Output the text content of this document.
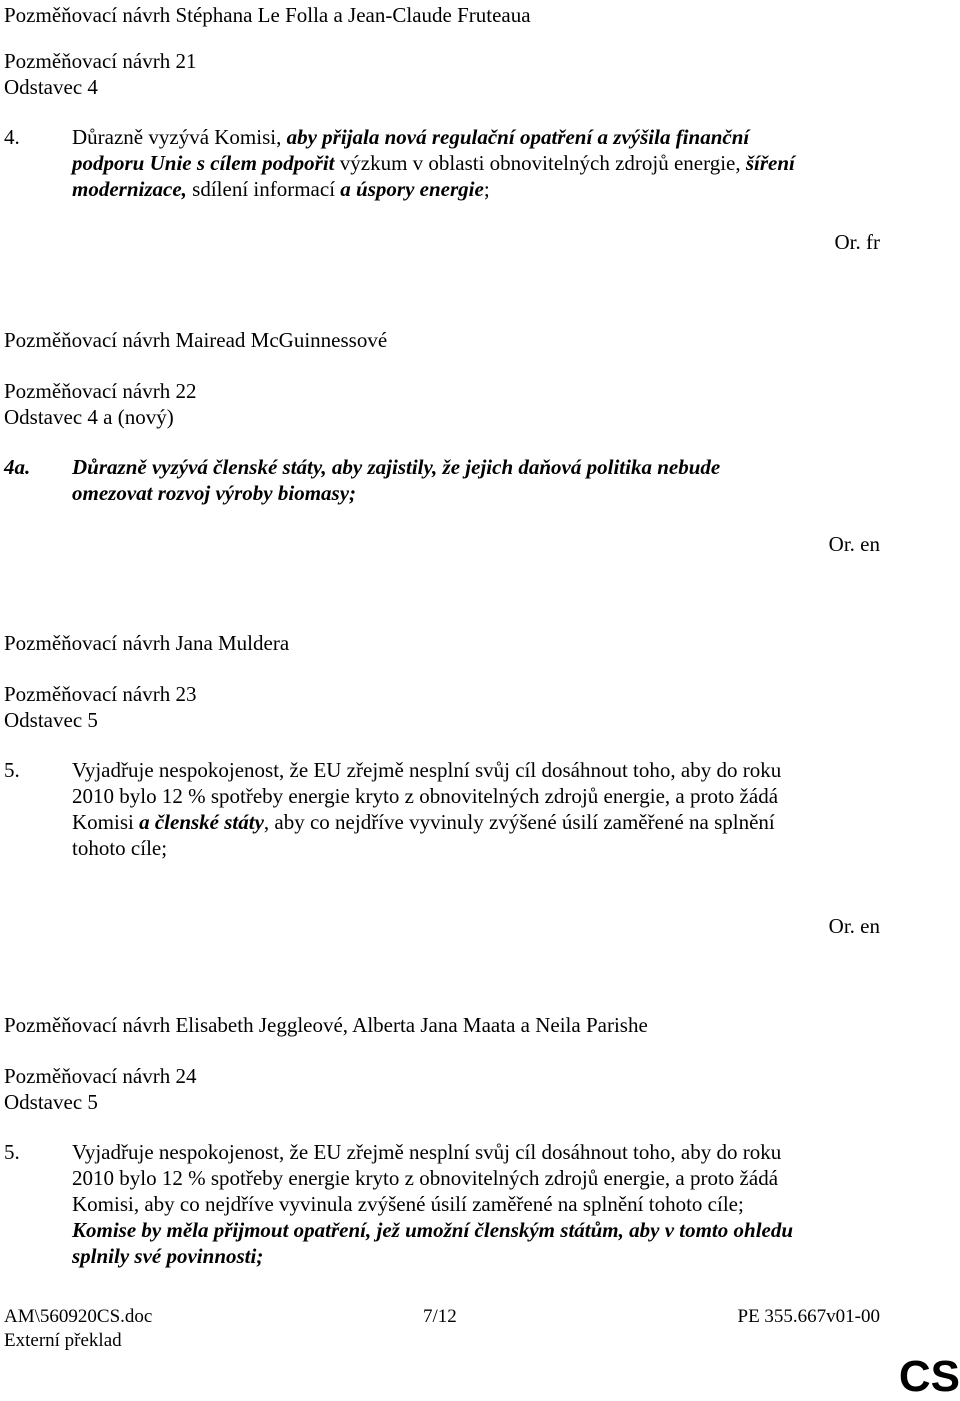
Pozměňovací návrh Stéphana Le Folla a Jean-Claude Fruteaua
Pozměňovací návrh 21
Odstavec 4
4. Důrazně vyzývá Komisi, aby přijala nová regulační opatření a zvýšila finanční
podporu Unie s cílem podpořit výzkum v oblasti obnovitelných zdrojů energie, šíření
modernizace, sdílení informací a úspory energie;
Or. fr
Pozměňovací návrh Mairead McGuinnessové
Pozměňovací návrh 22
Odstavec 4 a (nový)
4a. Důrazně vyzývá členské státy, aby zajistily, že jejich daňová politika nebude
omezovat rozvoj výroby biomasy;
Or. en
Pozměňovací návrh Jana Muldera
Pozměňovací návrh 23
Odstavec 5
5. Vyjadřuje nespokojenost, že EU zřejmě nesplní svůj cíl dosáhnout toho, aby do roku
2010 bylo 12 % spotřeby energie kryto z obnovitelných zdrojů energie, a proto žádá
Komisi a členské státy, aby co nejdříve vyvinuly zvýšené úsilí zaměřené na splnění
tohoto cíle;
Or. en
Pozměňovací návrh Elisabeth Jeggleové, Alberta Jana Maata a Neila Parishe
Pozměňovací návrh 24
Odstavec 5
5. Vyjadřuje nespokojenost, že EU zřejmě nesplní svůj cíl dosáhnout toho, aby do roku
2010 bylo 12 % spotřeby energie kryto z obnovitelných zdrojů energie, a proto žádá
Komisi, aby co nejdříve vyvinula zvýšené úsilí zaměřené na splnění tohoto cíle;
Komise by měla přijmout opatření, jež umožní členským státům, aby v tomto ohledu
splnily své povinnosti;
AM\560920CS.doc	7/12	PE 355.667v01-00
Externí překlad
CS
